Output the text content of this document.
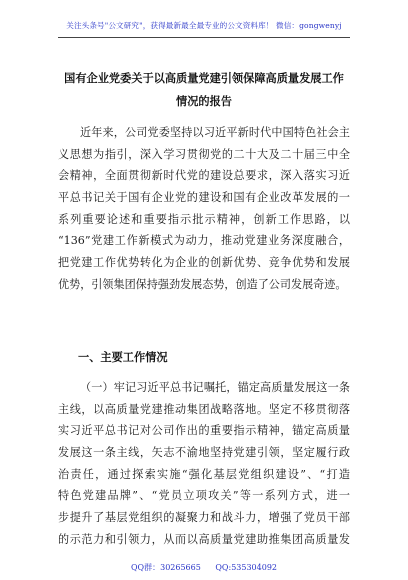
关注头条号"公文研究"，获得最新最全最专业的公文资料库！ 微信：gongwenyj
国有企业党委关于以高质量党建引领保障高质量发展工作
情况的报告
近年来，公司党委坚持以习近平新时代中国特色社会主
义思想为指引，深入学习贯彻党的二十大及二十届三中全
会精神，全面贯彻新时代党的建设总要求，深入落实习近
平总书记关于国有企业党的建设和国有企业改革发展的一
系列重要论述和重要指示批示精神，创新工作思路，以
“136”党建工作新模式为动力，推动党建业务深度融合，
把党建工作优势转化为企业的创新优势、竞争优势和发展
优势，引领集团保持强劲发展态势，创造了公司发展奇迹。
一、主要工作情况
（一）牢记习近平总书记嘱托，锚定高质量发展这一条
主线，以高质量党建推动集团战略落地。坚定不移贯彻落
实习近平总书记对公司作出的重要指示精神，锚定高质量
发展这一条主线，矢志不渝地坚持党建引领，坚定履行政
治责任，通过探索实施“强化基层党组织建设”、“打造
特色党建品牌”、“党员立项攻关”等一系列方式，进一
步提升了基层党组织的凝聚力和战斗力，增强了党员干部
的示范力和引领力，从而以高质量党建助推集团高质量发
QQ群：30265665 QQ:535304092
